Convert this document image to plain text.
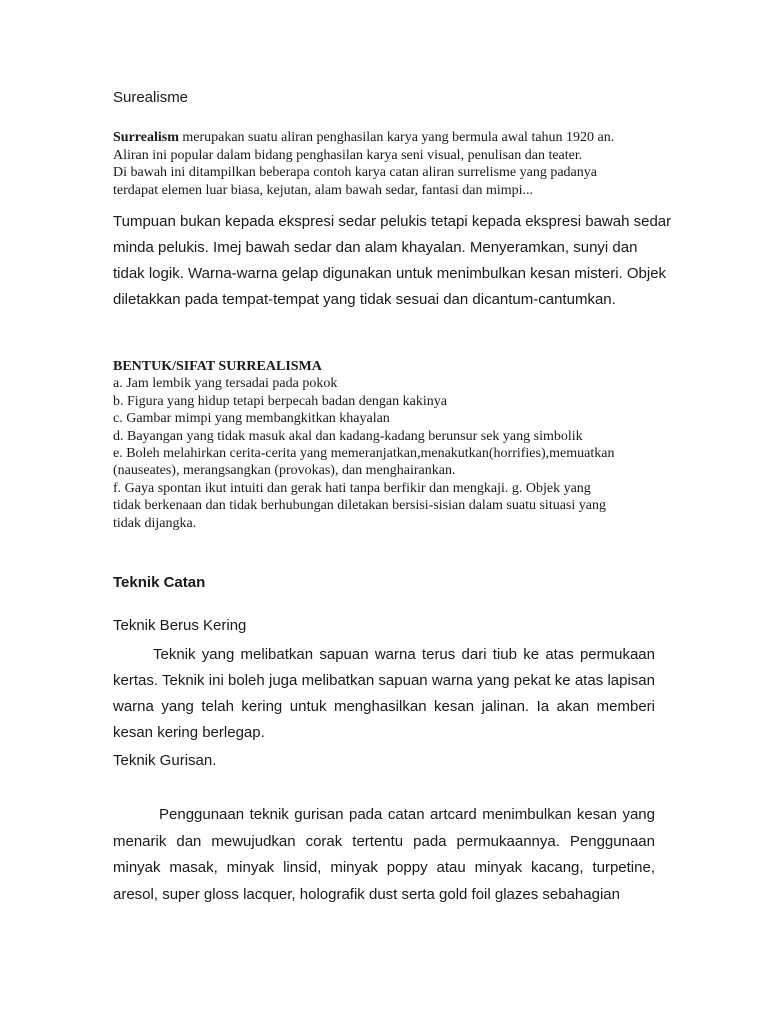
Surealisme

Surrealism merupakan suatu aliran penghasilan karya yang bermula awal tahun 1920 an.
Aliran ini popular dalam bidang penghasilan karya seni visual, penulisan dan teater.
Di bawah ini ditampilkan beberapa contoh karya catan aliran surrelisme yang padanya
terdapat elemen luar biasa, kejutan, alam bawah sedar, fantasi dan mimpi...

Tumpuan bukan kepada ekspresi sedar pelukis tetapi kepada ekspresi bawah sedar minda pelukis. Imej bawah sedar dan alam khayalan. Menyeramkan, sunyi dan tidak logik. Warna-warna gelap digunakan untuk menimbulkan kesan misteri. Objek diletakkan pada tempat-tempat yang tidak sesuai dan dicantum-cantumkan.

BENTUK/SIFAT SURREALISMA
a. Jam lembik yang tersadai pada pokok
b. Figura yang hidup tetapi berpecah badan dengan kakinya
c. Gambar mimpi yang membangkitkan khayalan
d. Bayangan yang tidak masuk akal dan kadang-kadang berunsur sek yang simbolik
e. Boleh melahirkan cerita-cerita yang memeranjatkan,menakutkan(horrifies),memuatkan
(nauseates), merangsangkan (provokas), dan menghairankan.
f. Gaya spontan ikut intuiti dan gerak hati tanpa berfikir dan mengkaji. g. Objek yang
tidak berkenaan dan tidak berhubungan diletakan bersisi-sisian dalam suatu situasi yang
tidak dijangka.

Teknik Catan

Teknik Berus Kering

Teknik yang melibatkan sapuan warna terus dari tiub ke atas permukaan kertas. Teknik ini boleh juga melibatkan sapuan warna yang pekat ke atas lapisan warna yang telah kering untuk menghasilkan kesan jalinan. Ia akan memberi kesan kering berlegap.

Teknik Gurisan.

Penggunaan teknik gurisan pada catan artcard menimbulkan kesan yang menarik dan mewujudkan corak tertentu pada permukaannya. Penggunaan minyak masak, minyak linsid, minyak poppy atau minyak kacang, turpetine, aresol, super gloss lacquer, holografik dust serta gold foil glazes sebahagian
